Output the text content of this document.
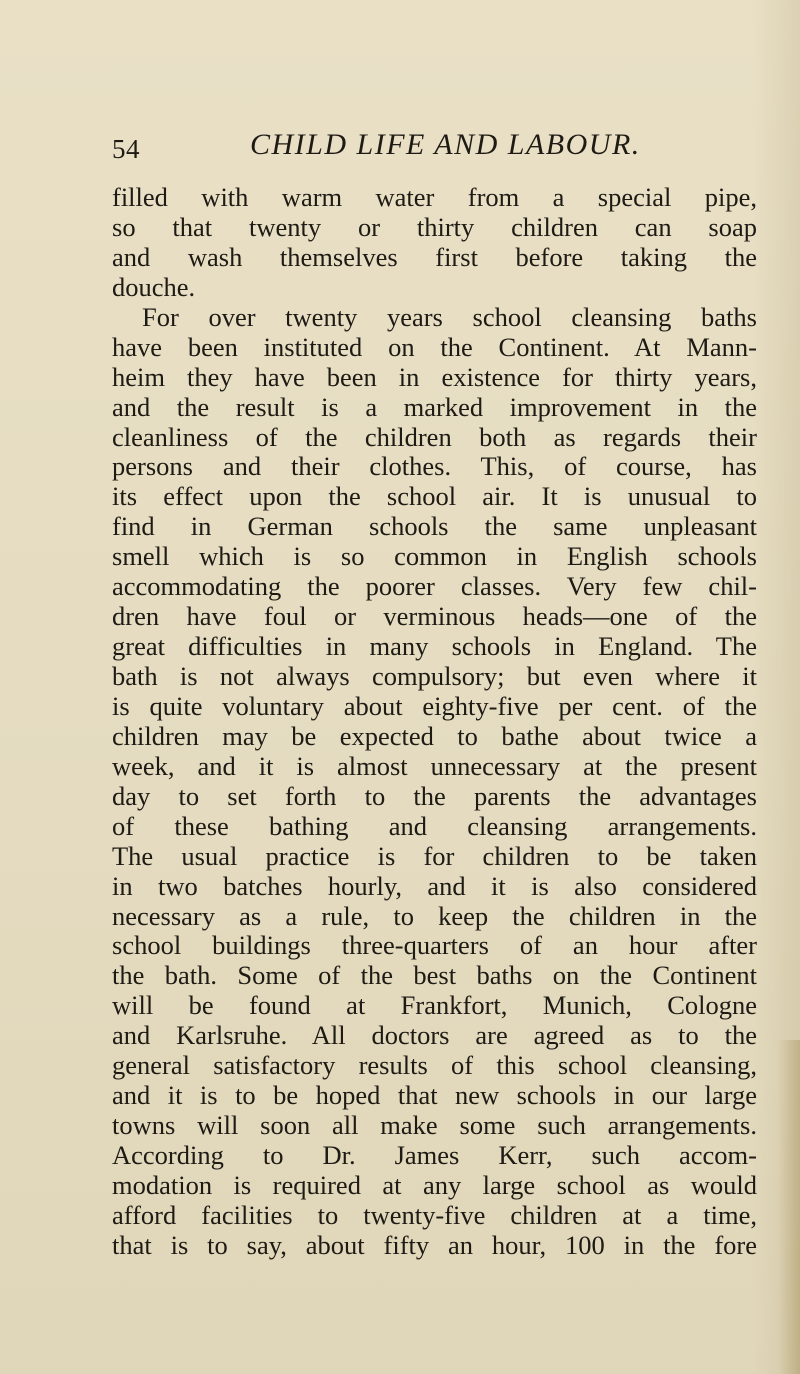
54	CHILD LIFE AND LABOUR.
filled with warm water from a special pipe,
so that twenty or thirty children can soap
and wash themselves first before taking the
douche.
For over twenty years school cleansing baths
have been instituted on the Continent. At Mann-
heim they have been in existence for thirty years,
and the result is a marked improvement in the
cleanliness of the children both as regards their
persons and their clothes. This, of course, has
its effect upon the school air. It is unusual to
find in German schools the same unpleasant
smell which is so common in English schools
accommodating the poorer classes. Very few chil-
dren have foul or verminous heads—one of the
great difficulties in many schools in England. The
bath is not always compulsory; but even where it
is quite voluntary about eighty-five per cent. of the
children may be expected to bathe about twice a
week, and it is almost unnecessary at the present
day to set forth to the parents the advantages
of these bathing and cleansing arrangements.
The usual practice is for children to be taken
in two batches hourly, and it is also considered
necessary as a rule, to keep the children in the
school buildings three-quarters of an hour after
the bath. Some of the best baths on the Continent
will be found at Frankfort, Munich, Cologne
and Karlsruhe. All doctors are agreed as to the
general satisfactory results of this school cleansing,
and it is to be hoped that new schools in our large
towns will soon all make some such arrangements.
According to Dr. James Kerr, such accom-
modation is required at any large school as would
afford facilities to twenty-five children at a time,
that is to say, about fifty an hour, 100 in the fore
